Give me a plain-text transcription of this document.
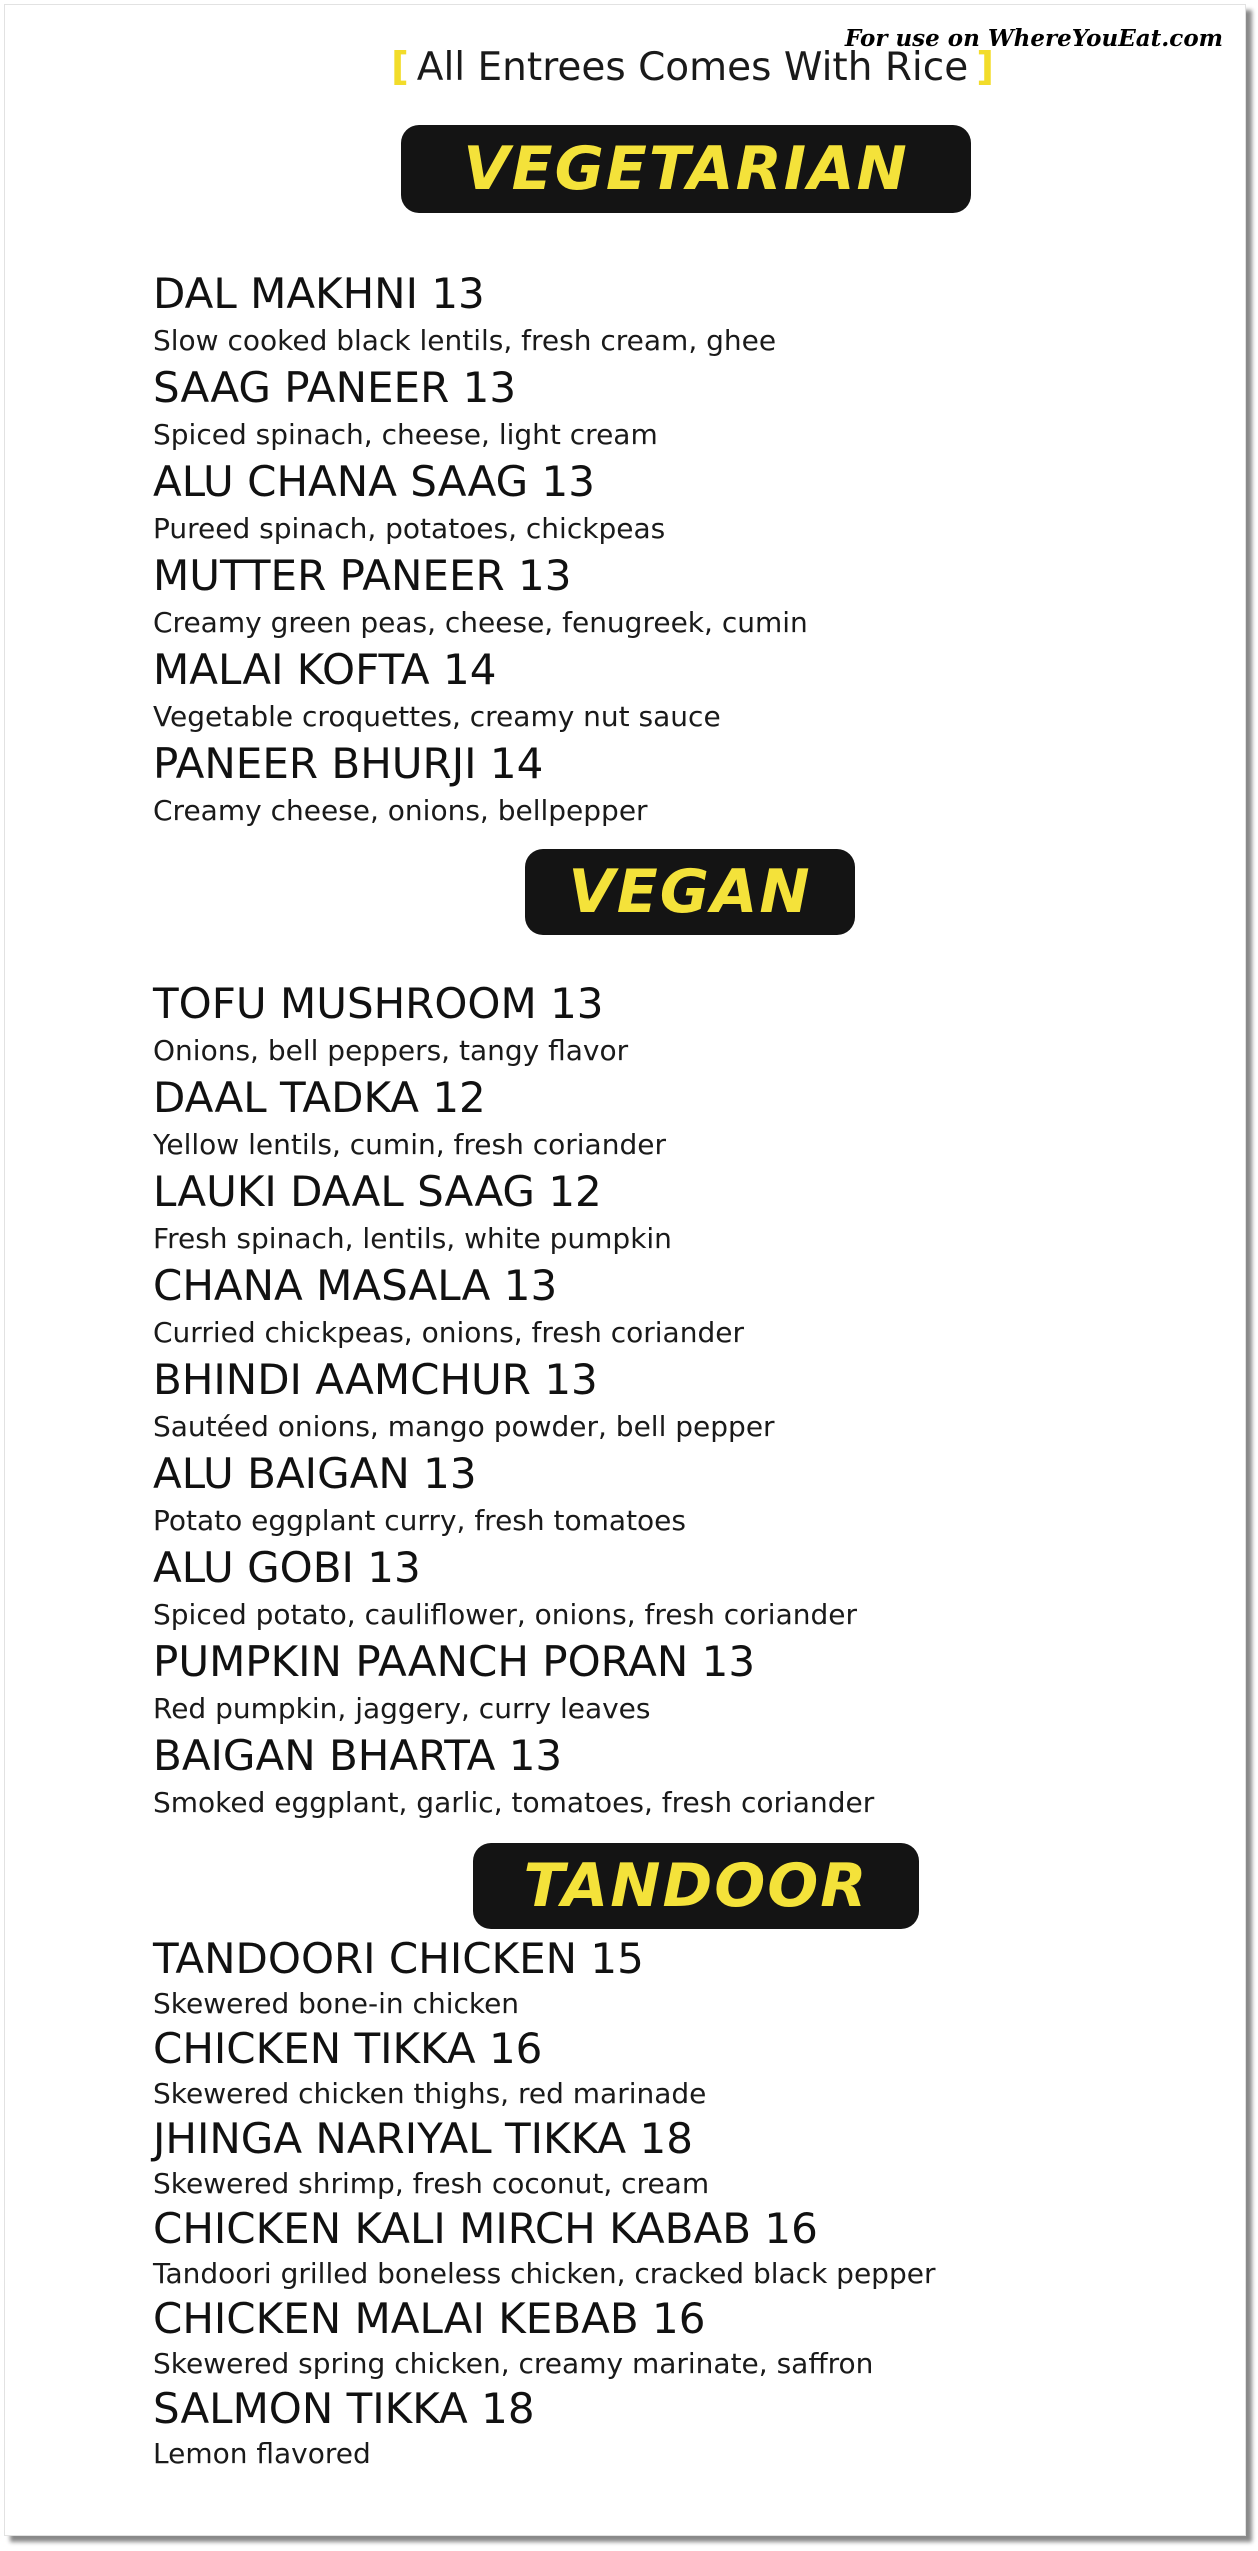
For use on WhereYouEat.com
[ All Entrees Comes With Rice ]
VEGETARIAN
DAL MAKHNI 13
Slow cooked black lentils, fresh cream, ghee
SAAG PANEER 13
Spiced spinach, cheese, light cream
ALU CHANA SAAG 13
Pureed spinach, potatoes, chickpeas
MUTTER PANEER 13
Creamy green peas, cheese, fenugreek, cumin
MALAI KOFTA 14
Vegetable croquettes, creamy nut sauce
PANEER BHURJI 14
Creamy cheese, onions, bellpepper
VEGAN
TOFU MUSHROOM 13
Onions, bell peppers, tangy flavor
DAAL TADKA 12
Yellow lentils, cumin, fresh coriander
LAUKI DAAL SAAG 12
Fresh spinach, lentils, white pumpkin
CHANA MASALA 13
Curried chickpeas, onions, fresh coriander
BHINDI AAMCHUR 13
Sautéed onions, mango powder, bell pepper
ALU BAIGAN 13
Potato eggplant curry, fresh tomatoes
ALU GOBI 13
Spiced potato, cauliflower, onions, fresh coriander
PUMPKIN PAANCH PORAN 13
Red pumpkin, jaggery, curry leaves
BAIGAN BHARTA 13
Smoked eggplant, garlic, tomatoes, fresh coriander
TANDOOR
TANDOORI CHICKEN 15
Skewered bone-in chicken
CHICKEN TIKKA 16
Skewered chicken thighs, red marinade
JHINGA NARIYAL TIKKA 18
Skewered shrimp, fresh coconut, cream
CHICKEN KALI MIRCH KABAB 16
Tandoori grilled boneless chicken, cracked black pepper
CHICKEN MALAI KEBAB 16
Skewered spring chicken, creamy marinate, saffron
SALMON TIKKA 18
Lemon flavored
